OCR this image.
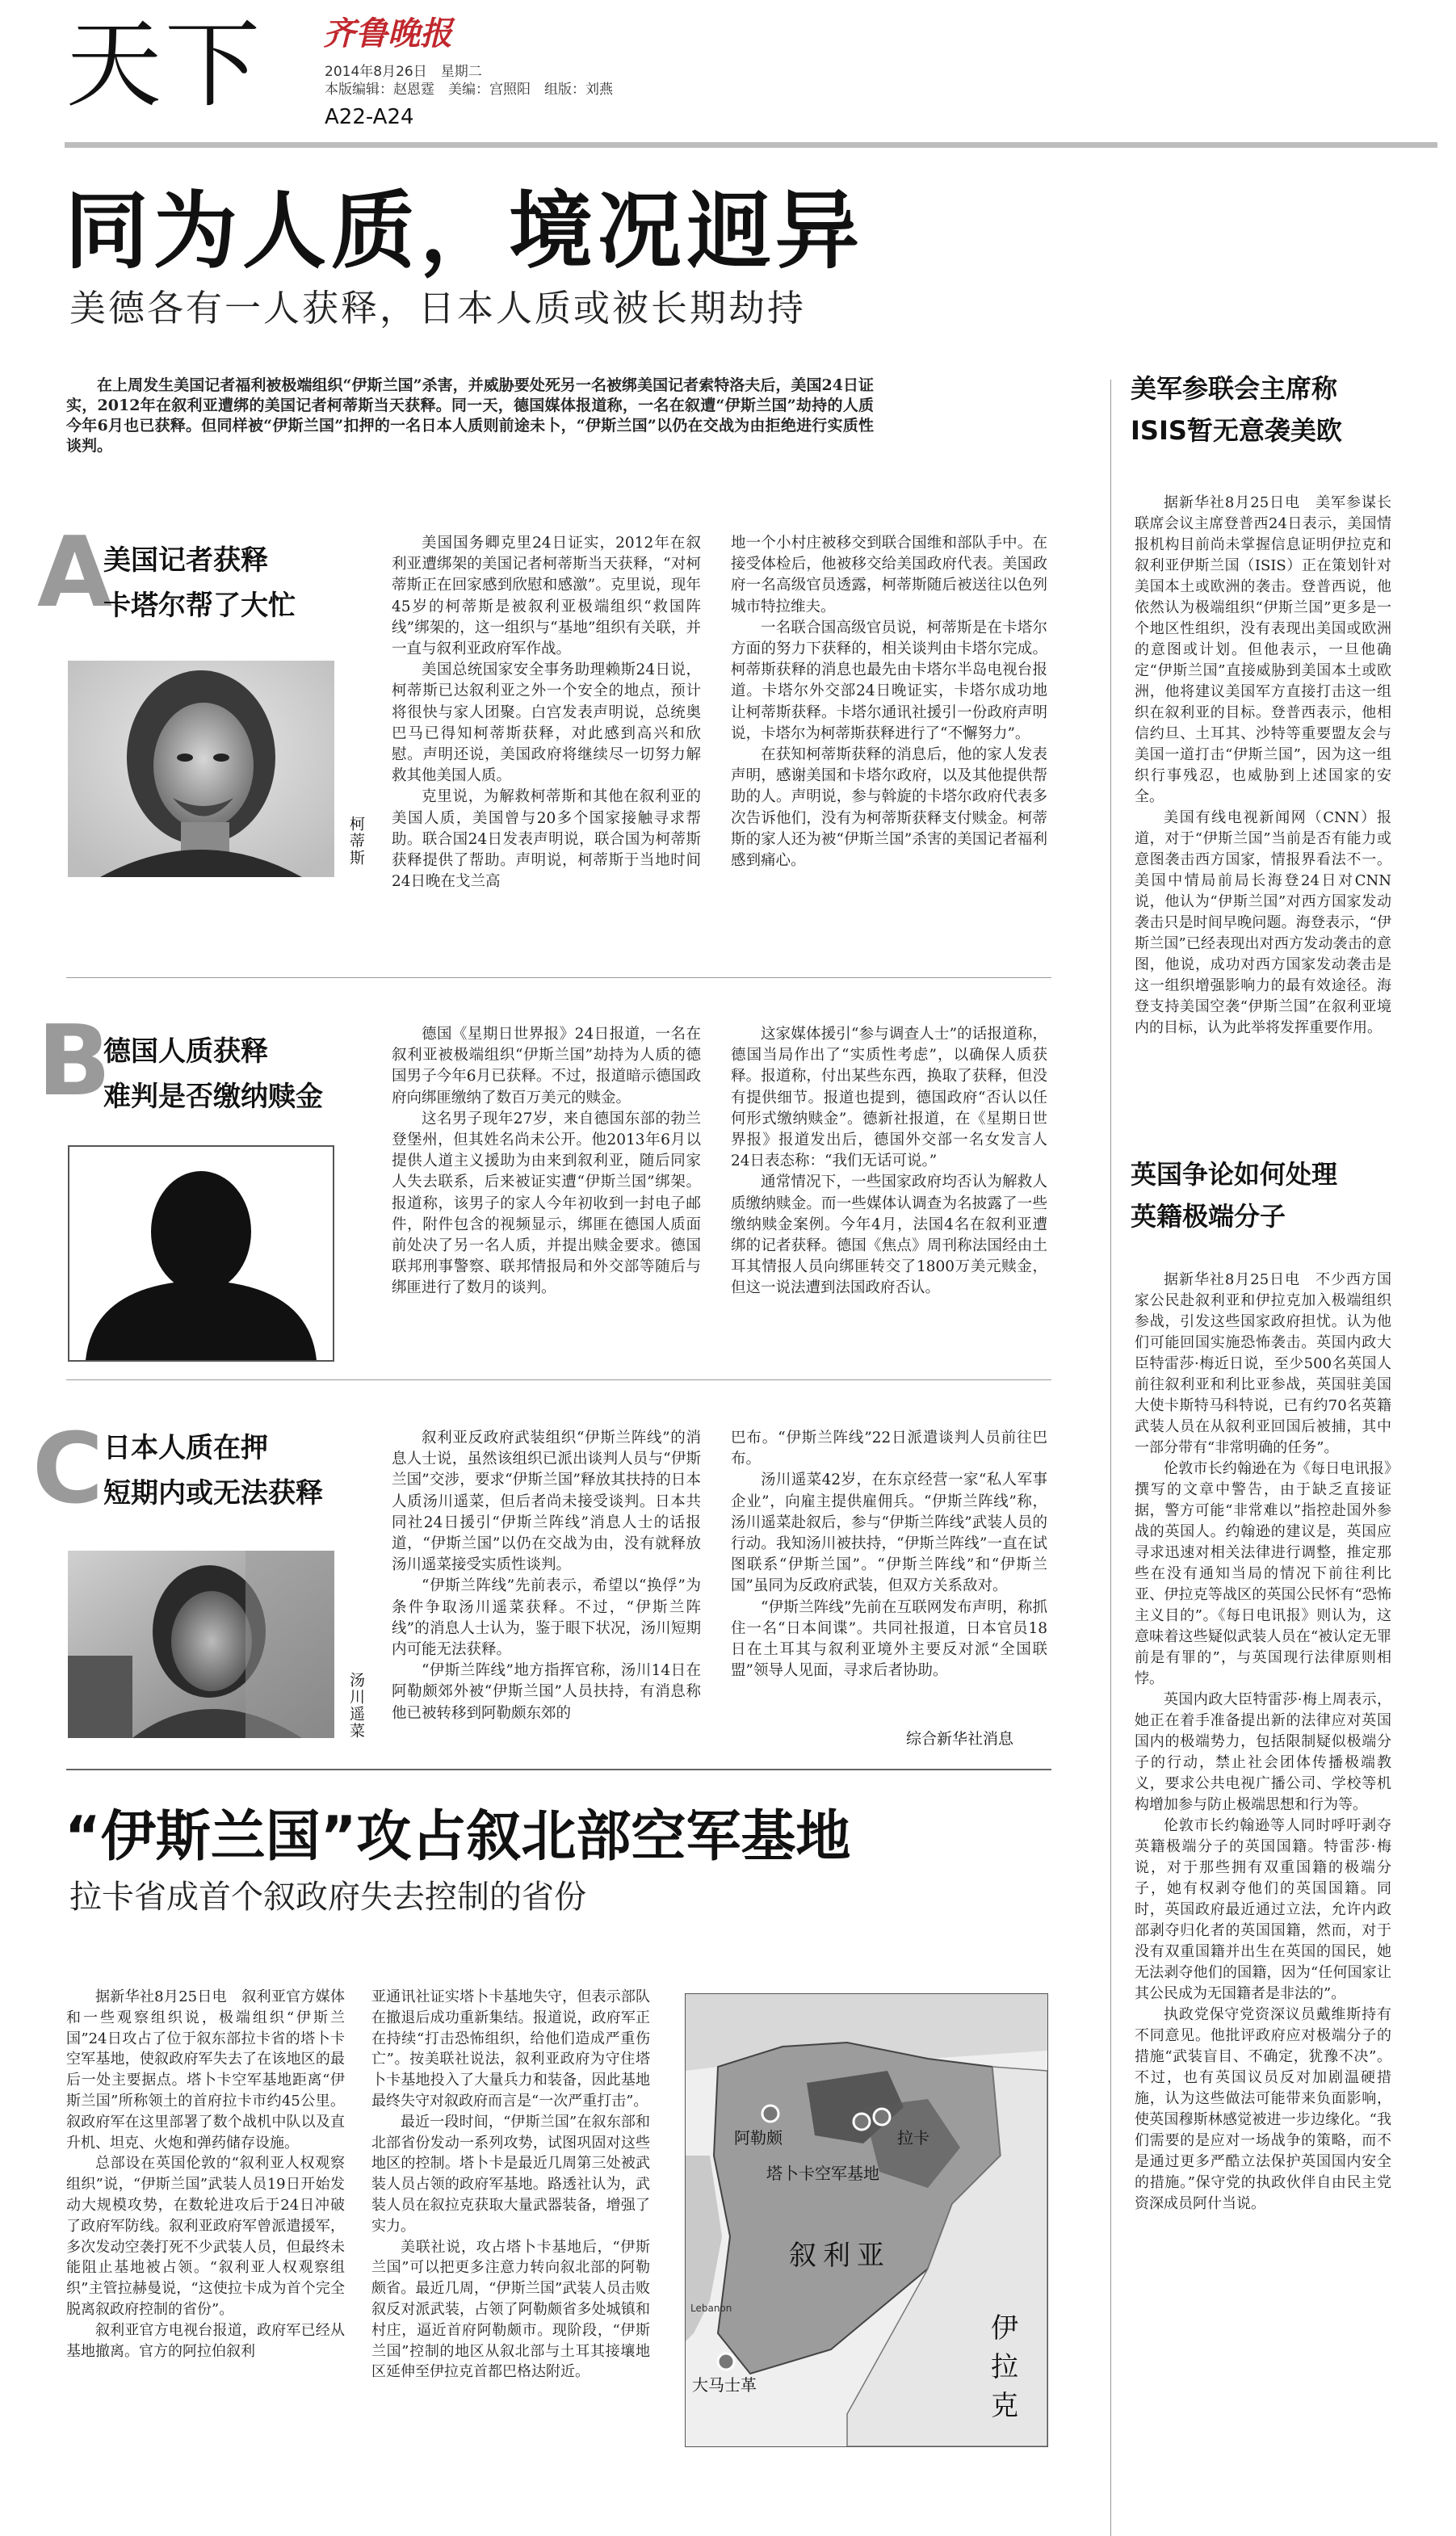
天下 齐鲁晚报
2014年8月26日　星期二
本版编辑：赵恩霆　美编：宫照阳　组版：刘燕
A22-A24
同为人质，境况迥异
美德各有一人获释，日本人质或被长期劫持

在上周发生美国记者福利被极端组织“伊斯兰国”杀害，并威胁要处死另一名被绑美国记者索特洛夫后，美国24日证实，2012年在叙利亚遭绑的美国记者柯蒂斯当天获释。同一天，德国媒体报道称，一名在叙遭“伊斯兰国”劫持的人质今年6月也已获释。但同样被“伊斯兰国”扣押的一名日本人质则前途未卜，“伊斯兰国”以仍在交战为由拒绝进行实质性谈判。

A
美国记者获释
卡塔尔帮了大忙
柯蒂斯

美国国务卿克里24日证实，2012年在叙利亚遭绑架的美国记者柯蒂斯当天获释，“对柯蒂斯正在回家感到欣慰和感激”。克里说，现年45岁的柯蒂斯是被叙利亚极端组织“救国阵线”绑架的，这一组织与“基地”组织有关联，并一直与叙利亚政府军作战。

美国总统国家安全事务助理赖斯24日说，柯蒂斯已达叙利亚之外一个安全的地点，预计将很快与家人团聚。白宫发表声明说，总统奥巴马已得知柯蒂斯获释，对此感到高兴和欣慰。声明还说，美国政府将继续尽一切努力解救其他美国人质。

克里说，为解救柯蒂斯和其他在叙利亚的美国人质，美国曾与20多个国家接触寻求帮助。联合国24日发表声明说，联合国为柯蒂斯获释提供了帮助。声明说，柯蒂斯于当地时间24日晚在戈兰高

地一个小村庄被移交到联合国维和部队手中。在接受体检后，他被移交给美国政府代表。美国政府一名高级官员透露，柯蒂斯随后被送往以色列城市特拉维夫。

一名联合国高级官员说，柯蒂斯是在卡塔尔方面的努力下获释的，相关谈判由卡塔尔完成。柯蒂斯获释的消息也最先由卡塔尔半岛电视台报道。卡塔尔外交部24日晚证实，卡塔尔成功地让柯蒂斯获释。卡塔尔通讯社援引一份政府声明说，卡塔尔为柯蒂斯获释进行了“不懈努力”。

在获知柯蒂斯获释的消息后，他的家人发表声明，感谢美国和卡塔尔政府，以及其他提供帮助的人。声明说，参与斡旋的卡塔尔政府代表多次告诉他们，没有为柯蒂斯获释支付赎金。柯蒂斯的家人还为被“伊斯兰国”杀害的美国记者福利感到痛心。

B
德国人质获释
难判是否缴纳赎金

德国《星期日世界报》24日报道，一名在叙利亚被极端组织“伊斯兰国”劫持为人质的德国男子今年6月已获释。不过，报道暗示德国政府向绑匪缴纳了数百万美元的赎金。

这名男子现年27岁，来自德国东部的勃兰登堡州，但其姓名尚未公开。他2013年6月以提供人道主义援助为由来到叙利亚，随后同家人失去联系，后来被证实遭“伊斯兰国”绑架。报道称，该男子的家人今年初收到一封电子邮件，附件包含的视频显示，绑匪在德国人质面前处决了另一名人质，并提出赎金要求。德国联邦刑事警察、联邦情报局和外交部等随后与绑匪进行了数月的谈判。

这家媒体援引“参与调查人士”的话报道称，德国当局作出了“实质性考虑”，以确保人质获释。报道称，付出某些东西，换取了获释，但没有提供细节。报道也提到，德国政府“否认以任何形式缴纳赎金”。德新社报道，在《星期日世界报》报道发出后，德国外交部一名女发言人24日表态称：“我们无话可说。”

通常情况下，一些国家政府均否认为解救人质缴纳赎金。而一些媒体认调查为名披露了一些缴纳赎金案例。今年4月，法国4名在叙利亚遭绑的记者获释。德国《焦点》周刊称法国经由土耳其情报人员向绑匪转交了1800万美元赎金，但这一说法遭到法国政府否认。

C 日本人质在押
短期内或无法获释
汤川遥菜

叙利亚反政府武装组织“伊斯兰阵线”的消息人士说，虽然该组织已派出谈判人员与“伊斯兰国”交涉，要求“伊斯兰国”释放其扶持的日本人质汤川遥菜，但后者尚未接受谈判。日本共同社24日援引“伊斯兰阵线”消息人士的话报道，“伊斯兰国”以仍在交战为由，没有就释放汤川遥菜接受实质性谈判。

“伊斯兰阵线”先前表示，希望以“换俘”为条件争取汤川遥菜获释。不过，“伊斯兰阵线”的消息人士认为，鉴于眼下状况，汤川短期内可能无法获释。

“伊斯兰阵线”地方指挥官称，汤川14日在阿勒颇郊外被“伊斯兰国”人员扶持，有消息称他已被转移到阿勒颇东郊的

巴布。“伊斯兰阵线”22日派遣谈判人员前往巴布。

汤川遥菜42岁，在东京经营一家“私人军事企业”，向雇主提供雇佣兵。“伊斯兰阵线”称，汤川遥菜赴叙后，参与“伊斯兰阵线”武装人员的行动。我知汤川被扶持，“伊斯兰阵线”一直在试图联系“伊斯兰国”。“伊斯兰阵线”和“伊斯兰国”虽同为反政府武装，但双方关系敌对。

“伊斯兰阵线”先前在互联网发布声明，称抓住一名“日本间谍”。共同社报道，日本官员18日在土耳其与叙利亚境外主要反对派“全国联盟”领导人见面，寻求后者协助。

综合新华社消息
“伊斯兰国”攻占叙北部空军基地
拉卡省成首个叙政府失去控制的省份

据新华社8月25日电　叙利亚官方媒体和一些观察组织说，极端组织“伊斯兰国”24日攻占了位于叙东部拉卡省的塔卜卡空军基地，使叙政府军失去了在该地区的最后一处主要据点。塔卜卡空军基地距离“伊斯兰国”所称领土的首府拉卡市约45公里。叙政府军在这里部署了数个战机中队以及直升机、坦克、火炮和弹药储存设施。

总部设在英国伦敦的“叙利亚人权观察组织”说，“伊斯兰国”武装人员19日开始发动大规模攻势，在数轮进攻后于24日冲破了政府军防线。叙利亚政府军曾派遣援军，多次发动空袭打死不少武装人员，但最终未能阻止基地被占领。“叙利亚人权观察组织”主管拉赫曼说，“这使拉卡成为首个完全脱离叙政府控制的省份”。

叙利亚官方电视台报道，政府军已经从基地撤离。官方的阿拉伯叙利

亚通讯社证实塔卜卡基地失守，但表示部队在撤退后成功重新集结。报道说，政府军正在持续“打击恐怖组织，给他们造成严重伤亡”。按美联社说法，叙利亚政府为守住塔卜卡基地投入了大量兵力和装备，因此基地最终失守对叙政府而言是“一次严重打击”。

最近一段时间，“伊斯兰国”在叙东部和北部省份发动一系列攻势，试图巩固对这些地区的控制。塔卜卡是最近几周第三处被武装人员占领的政府军基地。路透社认为，武装人员在叙拉克获取大量武器装备，增强了实力。

美联社说，攻占塔卜卡基地后，“伊斯兰国”可以把更多注意力转向叙北部的阿勒颇省。最近几周，“伊斯兰国”武装人员击败叙反对派武装，占领了阿勒颇省多处城镇和村庄，逼近首府阿勒颇市。现阶段，“伊斯兰国”控制的地区从叙北部与土耳其接壤地区延伸至伊拉克首都巴格达附近。

阿勒颇	拉卡
塔卜卡空军基地
叙利亚
伊拉克
大马士革
Lebanon
美军参联会主席称
ISIS暂无意袭美欧

据新华社8月25日电　美军参谋长联席会议主席登普西24日表示，美国情报机构目前尚未掌握信息证明伊拉克和叙利亚伊斯兰国（ISIS）正在策划针对美国本土或欧洲的袭击。登普西说，他依然认为极端组织“伊斯兰国”更多是一个地区性组织，没有表现出美国或欧洲的意图或计划。但他表示，一旦他确定“伊斯兰国”直接威胁到美国本土或欧洲，他将建议美国军方直接打击这一组织在叙利亚的目标。登普西表示，他相信约旦、土耳其、沙特等重要盟友会与美国一道打击“伊斯兰国”，因为这一组织行事残忍，也威胁到上述国家的安全。

美国有线电视新闻网（CNN）报道，对于“伊斯兰国”当前是否有能力或意图袭击西方国家，情报界看法不一。美国中情局前局长海登24日对CNN说，他认为“伊斯兰国”对西方国家发动袭击只是时间早晚问题。海登表示，“伊斯兰国”已经表现出对西方发动袭击的意图，他说，成功对西方国家发动袭击是这一组织增强影响力的最有效途径。海登支持美国空袭“伊斯兰国”在叙利亚境内的目标，认为此举将发挥重要作用。

英国争论如何处理
英籍极端分子

据新华社8月25日电　不少西方国家公民赴叙利亚和伊拉克加入极端组织参战，引发这些国家政府担忧。认为他们可能回国实施恐怖袭击。英国内政大臣特雷莎·梅近日说，至少500名英国人前往叙利亚和利比亚参战，英国驻美国大使卡斯特马科特说，已有约70名英籍武装人员在从叙利亚回国后被捕，其中一部分带有“非常明确的任务”。

伦敦市长约翰逊在为《每日电讯报》撰写的文章中警告，由于缺乏直接证据，警方可能“非常难以”指控赴国外参战的英国人。约翰逊的建议是，英国应寻求迅速对相关法律进行调整，推定那些在没有通知当局的情况下前往利比亚、伊拉克等战区的英国公民怀有“恐怖主义目的”。《每日电讯报》则认为，这意味着这些疑似武装人员在“被认定无罪前是有罪的”，与英国现行法律原则相悖。

英国内政大臣特雷莎·梅上周表示，她正在着手准备提出新的法律应对英国国内的极端势力，包括限制疑似极端分子的行动，禁止社会团体传播极端教义，要求公共电视广播公司、学校等机构增加参与防止极端思想和行为等。

伦敦市长约翰逊等人同时呼吁剥夺英籍极端分子的英国国籍。特雷莎·梅说，对于那些拥有双重国籍的极端分子，她有权剥夺他们的英国国籍。同时，英国政府最近通过立法，允许内政部剥夺归化者的英国国籍，然而，对于没有双重国籍并出生在英国的国民，她无法剥夺他们的国籍，因为“任何国家让其公民成为无国籍者是非法的”。

执政党保守党资深议员戴维斯持有不同意见。他批评政府应对极端分子的措施“武装盲目、不确定，犹豫不决”。不过，也有英国议员反对加剧温硬措施，认为这些做法可能带来负面影响，使英国穆斯林感觉被进一步边缘化。“我们需要的是应对一场战争的策略，而不是通过更多严酷立法保护英国国内安全的措施。”保守党的执政伙伴自由民主党资深成员阿什当说。
